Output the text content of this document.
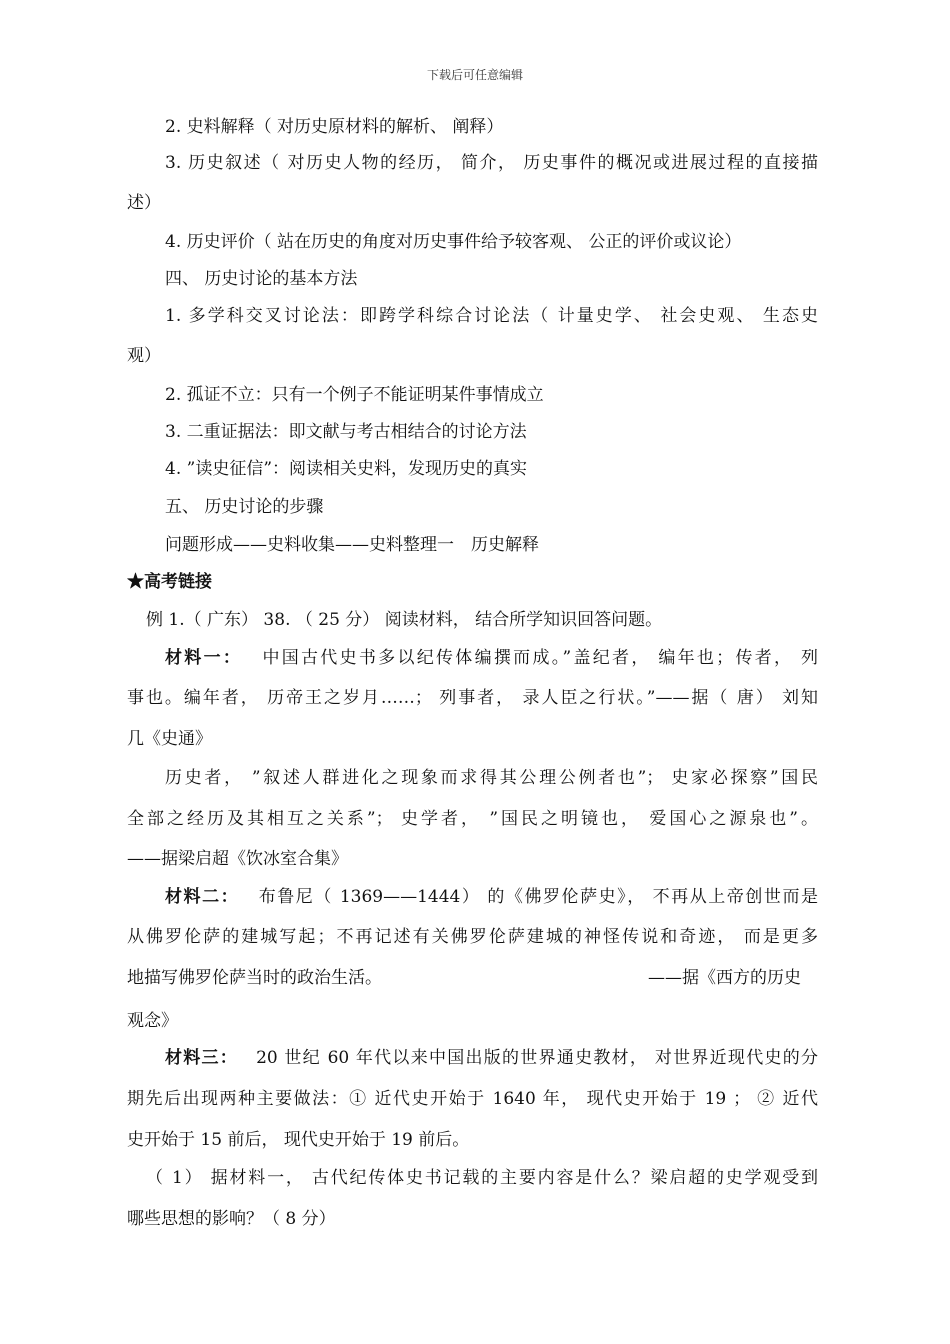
下载后可任意编辑
2. 史料解释（ 对历史原材料的解析、 阐释）
3. 历史叙述（ 对历史人物的经历， 简介， 历史事件的概况或进展过程的直接描
述）
4. 历史评价（ 站在历史的角度对历史事件给予较客观、 公正的评价或议论）
四、 历史讨论的基本方法
1. 多学科交叉讨论法：即跨学科综合讨论法（ 计量史学、 社会史观、 生态史
观）
2. 孤证不立：只有一个例子不能证明某件事情成立
3. 二重证据法：即文献与考古相结合的讨论方法
4. ”读史征信”：阅读相关史料，发现历史的真实
五、 历史讨论的步骤
问题形成——史料收集——史料整理一　历史解释
★高考链接
例 1.（ 广东） 38. （ 25 分） 阅读材料， 结合所学知识回答问题。
材料一： 中国古代史书多以纪传体编撰而成。”盖纪者， 编年也；传者， 列
事也。编年者， 历帝王之岁月……； 列事者， 录人臣之行状。”——据（ 唐） 刘知
几《史通》
历史者， ”叙述人群进化之现象而求得其公理公例者也”； 史家必探察”国民
全部之经历及其相互之关系”； 史学者， ”国民之明镜也， 爱国心之源泉也”。
——据梁启超《饮冰室合集》
材料二： 布鲁尼（ 1369——1444） 的《佛罗伦萨史》， 不再从上帝创世而是
从佛罗伦萨的建城写起；不再记述有关佛罗伦萨建城的神怪传说和奇迹， 而是更多
地描写佛罗伦萨当时的政治生活。	——据《西方的历史
观念》
材料三： 20 世纪 60 年代以来中国出版的世界通史教材， 对世界近现代史的分
期先后出现两种主要做法：① 近代史开始于 1640 年， 现代史开始于 19 ； ② 近代
史开始于 15 前后， 现代史开始于 19 前后。
（ 1） 据材料一， 古代纪传体史书记载的主要内容是什么？梁启超的史学观受到
哪些思想的影响？（ 8 分）
